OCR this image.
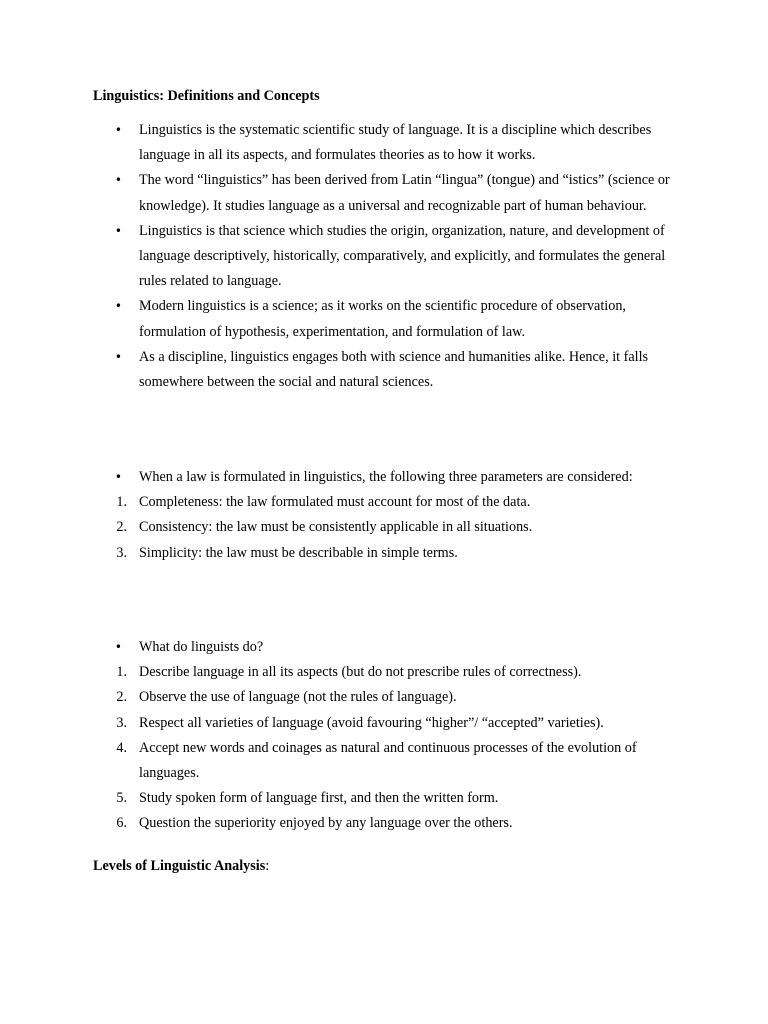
Linguistics: Definitions and Concepts
• Linguistics is the systematic scientific study of language. It is a discipline which describes language in all its aspects, and formulates theories as to how it works.
• The word “linguistics” has been derived from Latin “lingua” (tongue) and “istics” (science or knowledge). It studies language as a universal and recognizable part of human behaviour.
• Linguistics is that science which studies the origin, organization, nature, and development of language descriptively, historically, comparatively, and explicitly, and formulates the general rules related to language.
• Modern linguistics is a science; as it works on the scientific procedure of observation, formulation of hypothesis, experimentation, and formulation of law.
• As a discipline, linguistics engages both with science and humanities alike. Hence, it falls somewhere between the social and natural sciences.
• When a law is formulated in linguistics, the following three parameters are considered:
1. Completeness: the law formulated must account for most of the data.
2. Consistency: the law must be consistently applicable in all situations.
3. Simplicity: the law must be describable in simple terms.
• What do linguists do?
1. Describe language in all its aspects (but do not prescribe rules of correctness).
2. Observe the use of language (not the rules of language).
3. Respect all varieties of language (avoid favouring “higher”/ “accepted” varieties).
4. Accept new words and coinages as natural and continuous processes of the evolution of languages.
5. Study spoken form of language first, and then the written form.
6. Question the superiority enjoyed by any language over the others.
Levels of Linguistic Analysis:
